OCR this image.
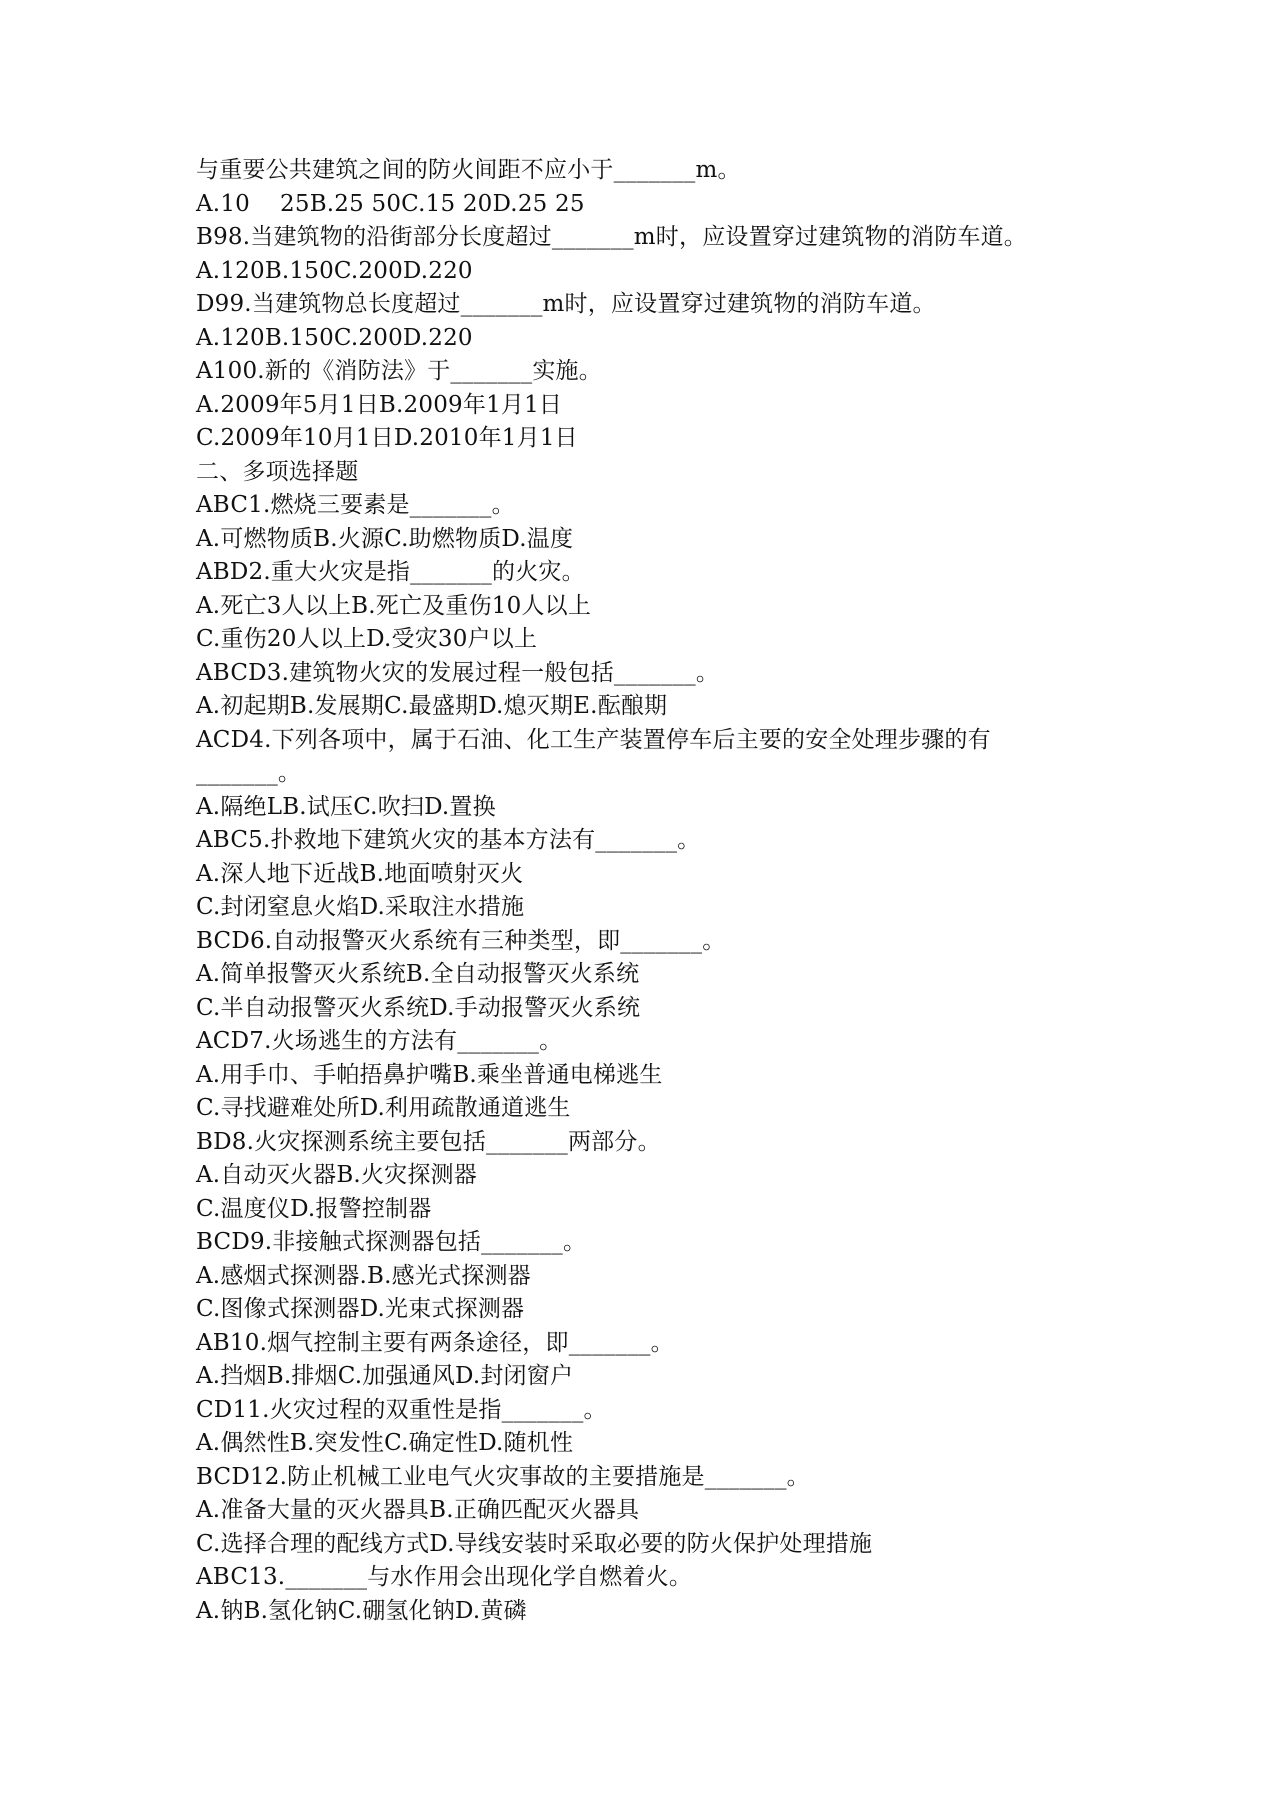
与重要公共建筑之间的防火间距不应小于_______m。
A.10    25B.25 50C.15 20D.25 25
B98.当建筑物的沿街部分长度超过_______m时，应设置穿过建筑物的消防车道。
A.120B.150C.200D.220
D99.当建筑物总长度超过_______m时，应设置穿过建筑物的消防车道。
A.120B.150C.200D.220
A100.新的《消防法》于_______实施。
A.2009年5月1日B.2009年1月1日
C.2009年10月1日D.2010年1月1日
二、多项选择题
ABC1.燃烧三要素是_______。
A.可燃物质B.火源C.助燃物质D.温度
ABD2.重大火灾是指_______的火灾。
A.死亡3人以上B.死亡及重伤10人以上
C.重伤20人以上D.受灾30户以上
ABCD3.建筑物火灾的发展过程一般包括_______。
A.初起期B.发展期C.最盛期D.熄灭期E.酝酿期
ACD4.下列各项中，属于石油、化工生产装置停车后主要的安全处理步骤的有
_______。
A.隔绝LB.试压C.吹扫D.置换
ABC5.扑救地下建筑火灾的基本方法有_______。
A.深人地下近战B.地面喷射灭火
C.封闭窒息火焰D.采取注水措施
BCD6.自动报警灭火系统有三种类型，即_______。
A.简单报警灭火系统B.全自动报警灭火系统
C.半自动报警灭火系统D.手动报警灭火系统
ACD7.火场逃生的方法有_______。
A.用手巾、手帕捂鼻护嘴B.乘坐普通电梯逃生
C.寻找避难处所D.利用疏散通道逃生
BD8.火灾探测系统主要包括_______两部分。
A.自动灭火器B.火灾探测器
C.温度仪D.报警控制器
BCD9.非接触式探测器包括_______。
A.感烟式探测器.B.感光式探测器
C.图像式探测器D.光束式探测器
AB10.烟气控制主要有两条途径，即_______。
A.挡烟B.排烟C.加强通风D.封闭窗户
CD11.火灾过程的双重性是指_______。
A.偶然性B.突发性C.确定性D.随机性
BCD12.防止机械工业电气火灾事故的主要措施是_______。
A.准备大量的灭火器具B.正确匹配灭火器具
C.选择合理的配线方式D.导线安装时采取必要的防火保护处理措施
ABC13._______与水作用会出现化学自燃着火。
A.钠B.氢化钠C.硼氢化钠D.黄磷
